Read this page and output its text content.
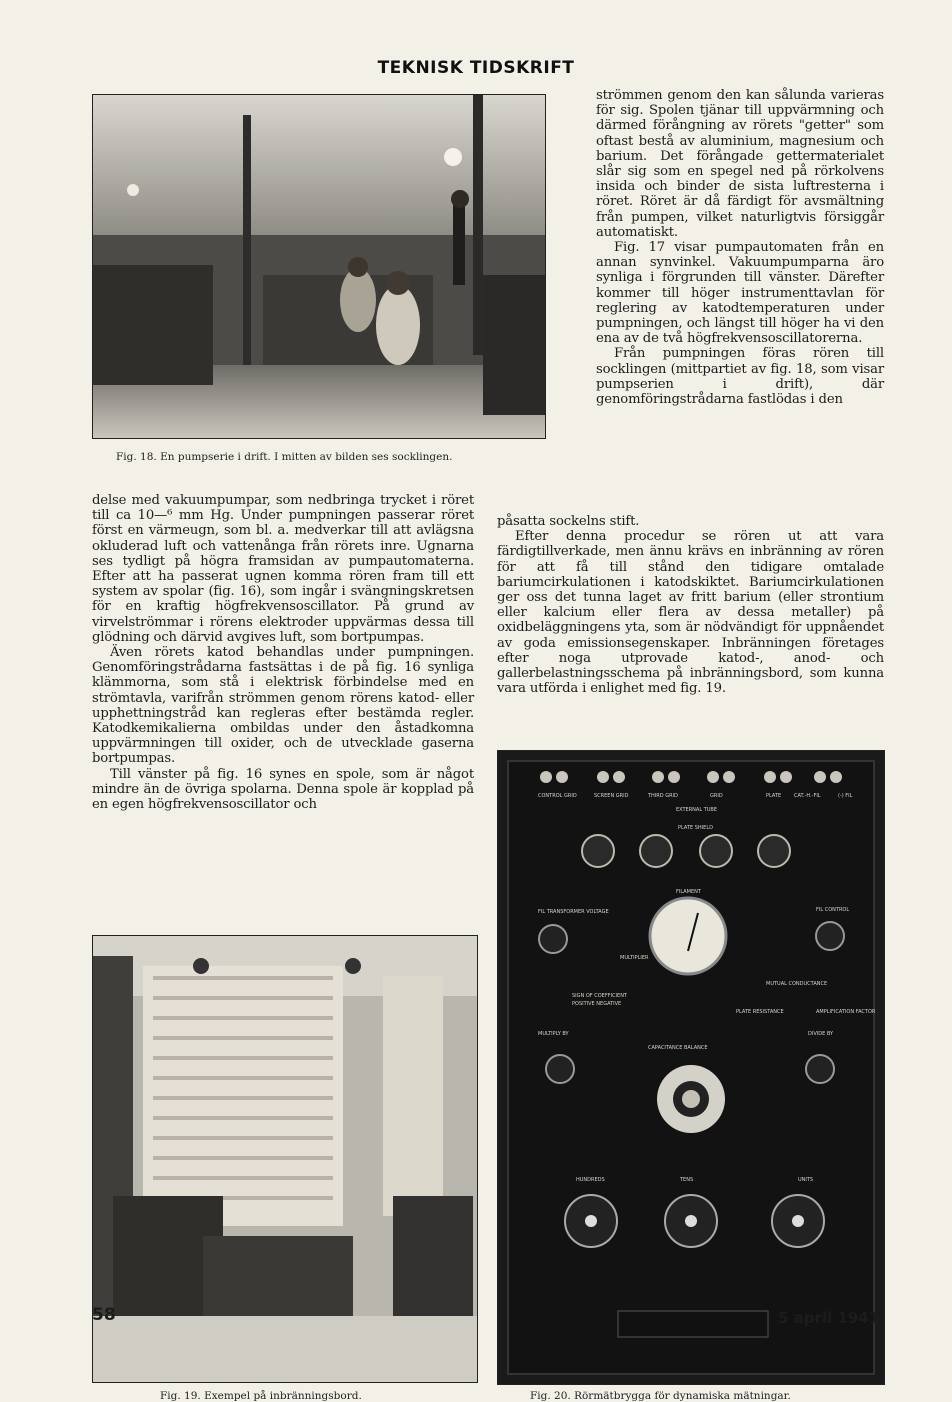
TEKNISK TIDSKRIFT
Fig. 18. En pumpserie i drift. I mitten av bilden ses socklingen.

delse med vakuumpumpar, som nedbringa trycket i röret till ca 10—⁶ mm Hg. Under pumpningen passerar röret först en värmeugn, som bl. a. medverkar till att avlägsna okluderad luft och vattenånga från rörets inre. Ugnarna ses tydligt på högra framsidan av pumpautomaterna. Efter att ha passerat ugnen komma rören fram till ett system av spolar (fig. 16), som ingår i svängningskretsen för en kraftig högfrekvensoscillator. På grund av virvelströmmar i rörens elektroder uppvärmas dessa till glödning och därvid avgives luft, som bortpumpas.

Även rörets katod behandlas under pumpningen. Genomföringstrådarna fastsättas i de på fig. 16 synliga klämmorna, som stå i elektrisk förbindelse med en strömtavla, varifrån strömmen genom rörens katod- eller upphettningstråd kan regleras efter bestämda regler. Katodkemikalierna ombildas under den åstadkomna uppvärmningen till oxider, och de utvecklade gaserna bortpumpas.

Till vänster på fig. 16 synes en spole, som är något mindre än de övriga spolarna. Denna spole är kopplad på en egen högfrekvensoscillator och

strömmen genom den kan sålunda varieras för sig. Spolen tjänar till uppvärmning och därmed förångning av rörets "getter" som oftast bestå av aluminium, magnesium och barium. Det förångade gettermaterialet slår sig som en spegel ned på rörkolvens insida och binder de sista luftresterna i röret. Röret är då färdigt för avsmältning från pumpen, vilket naturligtvis försiggår automatiskt.

Fig. 17 visar pumpautomaten från en annan synvinkel. Vakuumpumparna äro synliga i förgrunden till vänster. Därefter kommer till höger instrumenttavlan för reglering av katodtemperaturen under pumpningen, och längst till höger ha vi den ena av de två högfrekvensoscillatorerna.

Från pumpningen föras rören till socklingen (mittpartiet av fig. 18, som visar pumpserien i drift), där genomföringstrådarna fastlödas i den

påsatta sockelns stift.

Efter denna procedur se rören ut att vara färdigtillverkade, men ännu krävs en inbränning av rören för att få till stånd den tidigare omtalade bariumcirkulationen i katodskiktet. Bariumcirkulationen ger oss det tunna laget av fritt barium (eller strontium eller kalcium eller flera av dessa metaller) på oxidbeläggningens yta, som är nödvändigt för uppnåendet av goda emissionsegenskaper. Inbränningen företages efter noga utprovade katod-, anod- och gallerbelastningsschema på inbränningsbord, som kunna vara utförda i enlighet med fig. 19.

Fig. 19. Exempel på inbränningsbord.
CONTROL GRID	SCREEN GRID	THIRD GRID	GRID	PLATE	CAT.-H.-FIL	(-) FIL
EXTERNAL TUBE
PLATE SHIELD
FILAMENT
FIL TRANSFORMER VOLTAGE	FIL CONTROL
MULTIPLIER
MUTUAL CONDUCTANCE
SIGN OF COEFFICIENT
POSITIVE NEGATIVE
PLATE RESISTANCE	AMPLIFICATION FACTOR
MULTIPLY BY	DIVIDE BY
CAPACITANCE BALANCE
HUNDREDS	TENS	UNITS
Fig. 20. Rörmätbrygga för dynamiska mätningar.
58	5 april 1941
